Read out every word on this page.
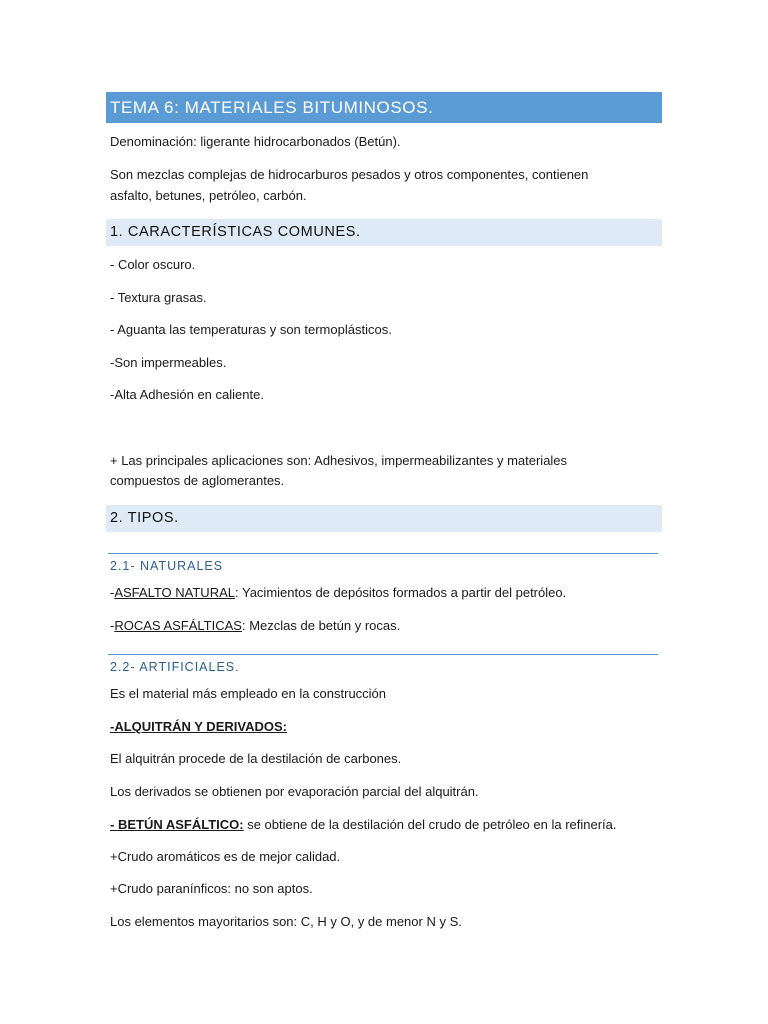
TEMA 6: MATERIALES BITUMINOSOS.
Denominación: ligerante hidrocarbonados (Betún).
Son mezclas complejas de hidrocarburos pesados y otros componentes, contienen
asfalto, betunes, petróleo, carbón.
1. CARACTERÍSTICAS COMUNES.
- Color oscuro.
- Textura grasas.
- Aguanta las temperaturas y son termoplásticos.
-Son impermeables.
-Alta Adhesión en caliente.
+ Las principales aplicaciones son: Adhesivos, impermeabilizantes y materiales
compuestos de aglomerantes.
2. TIPOS.
2.1- NATURALES
-ASFALTO NATURAL: Yacimientos de depósitos formados a partir del petróleo.
-ROCAS ASFÁLTICAS: Mezclas de betún y rocas.
2.2- ARTIFICIALES.
Es el material más empleado en la construcción
-ALQUITRÁN Y DERIVADOS:
El alquitrán procede de la destilación de carbones.
Los derivados se obtienen por evaporación parcial del alquitrán.
- BETÚN ASFÁLTICO: se obtiene de la destilación del crudo de petróleo en la refinería.
+Crudo aromáticos es de mejor calidad.
+Crudo paranínficos: no son aptos.
Los elementos mayoritarios son: C, H y O, y de menor N y S.
